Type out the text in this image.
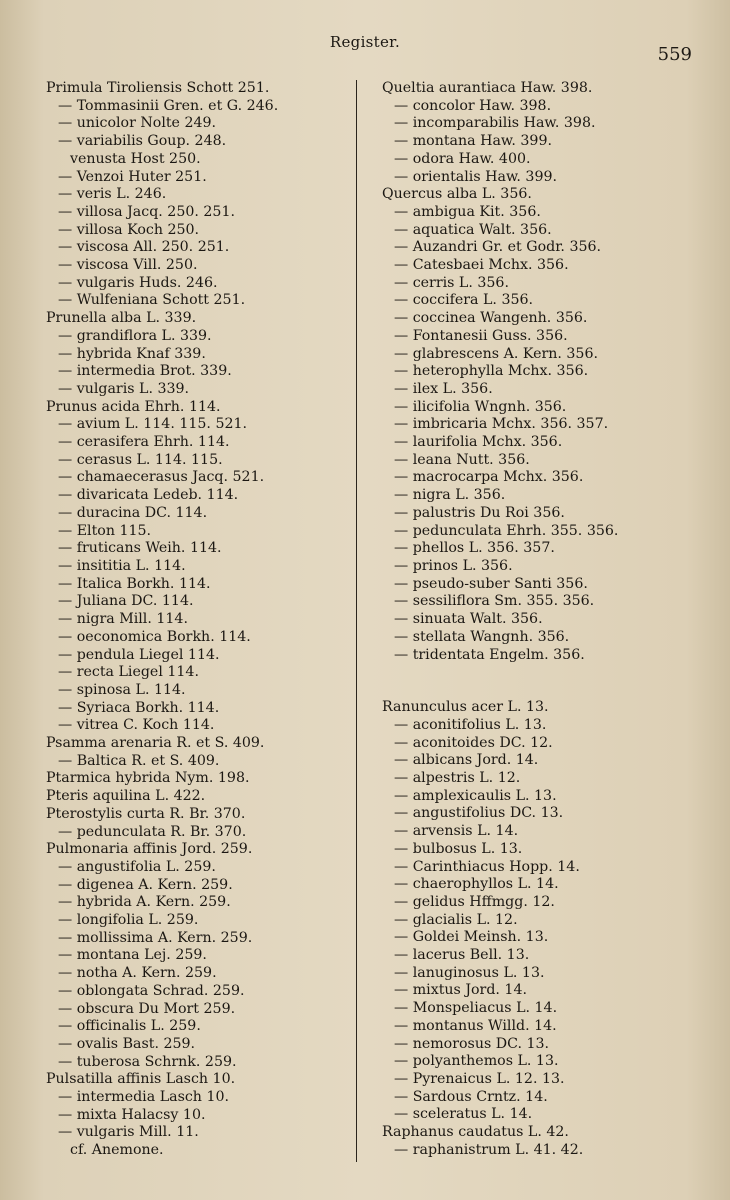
Register.
559
Primula Tiroliensis Schott 251.
— Tommasinii Gren. et G. 246.
— unicolor Nolte 249.
— variabilis Goup. 248.
venusta Host 250.
— Venzoi Huter 251.
— veris L. 246.
— villosa Jacq. 250. 251.
— villosa Koch 250.
— viscosa All. 250. 251.
— viscosa Vill. 250.
— vulgaris Huds. 246.
— Wulfeniana Schott 251.
Prunella alba L. 339.
— grandiflora L. 339.
— hybrida Knaf 339.
— intermedia Brot. 339.
— vulgaris L. 339.
Prunus acida Ehrh. 114.
— avium L. 114. 115. 521.
— cerasifera Ehrh. 114.
— cerasus L. 114. 115.
— chamaecerasus Jacq. 521.
— divaricata Ledeb. 114.
— duracina DC. 114.
— Elton 115.
— fruticans Weih. 114.
— insititia L. 114.
— Italica Borkh. 114.
— Juliana DC. 114.
— nigra Mill. 114.
— oeconomica Borkh. 114.
— pendula Liegel 114.
— recta Liegel 114.
— spinosa L. 114.
— Syriaca Borkh. 114.
— vitrea C. Koch 114.
Psamma arenaria R. et S. 409.
— Baltica R. et S. 409.
Ptarmica hybrida Nym. 198.
Pteris aquilina L. 422.
Pterostylis curta R. Br. 370.
— pedunculata R. Br. 370.
Pulmonaria affinis Jord. 259.
— angustifolia L. 259.
— digenea A. Kern. 259.
— hybrida A. Kern. 259.
— longifolia L. 259.
— mollissima A. Kern. 259.
— montana Lej. 259.
— notha A. Kern. 259.
— oblongata Schrad. 259.
— obscura Du Mort 259.
— officinalis L. 259.
— ovalis Bast. 259.
— tuberosa Schrnk. 259.
Pulsatilla affinis Lasch 10.
— intermedia Lasch 10.
— mixta Halacsy 10.
— vulgaris Mill. 11.
cf. Anemone.
Queltia aurantiaca Haw. 398.
— concolor Haw. 398.
— incomparabilis Haw. 398.
— montana Haw. 399.
— odora Haw. 400.
— orientalis Haw. 399.
Quercus alba L. 356.
— ambigua Kit. 356.
— aquatica Walt. 356.
— Auzandri Gr. et Godr. 356.
— Catesbaei Mchx. 356.
— cerris L. 356.
— coccifera L. 356.
— coccinea Wangenh. 356.
— Fontanesii Guss. 356.
— glabrescens A. Kern. 356.
— heterophylla Mchx. 356.
— ilex L. 356.
— ilicifolia Wngnh. 356.
— imbricaria Mchx. 356. 357.
— laurifolia Mchx. 356.
— leana Nutt. 356.
— macrocarpa Mchx. 356.
— nigra L. 356.
— palustris Du Roi 356.
— pedunculata Ehrh. 355. 356.
— phellos L. 356. 357.
— prinos L. 356.
— pseudo-suber Santi 356.
— sessiliflora Sm. 355. 356.
— sinuata Walt. 356.
— stellata Wangnh. 356.
— tridentata Engelm. 356.
Ranunculus acer L. 13.
— aconitifolius L. 13.
— aconitoides DC. 12.
— albicans Jord. 14.
— alpestris L. 12.
— amplexicaulis L. 13.
— angustifolius DC. 13.
— arvensis L. 14.
— bulbosus L. 13.
— Carinthiacus Hopp. 14.
— chaerophyllos L. 14.
— gelidus Hffmgg. 12.
— glacialis L. 12.
— Goldei Meinsh. 13.
— lacerus Bell. 13.
— lanuginosus L. 13.
— mixtus Jord. 14.
— Monspeliacus L. 14.
— montanus Willd. 14.
— nemorosus DC. 13.
— polyanthemos L. 13.
— Pyrenaicus L. 12. 13.
— Sardous Crntz. 14.
— sceleratus L. 14.
Raphanus caudatus L. 42.
— raphanistrum L. 41. 42.
